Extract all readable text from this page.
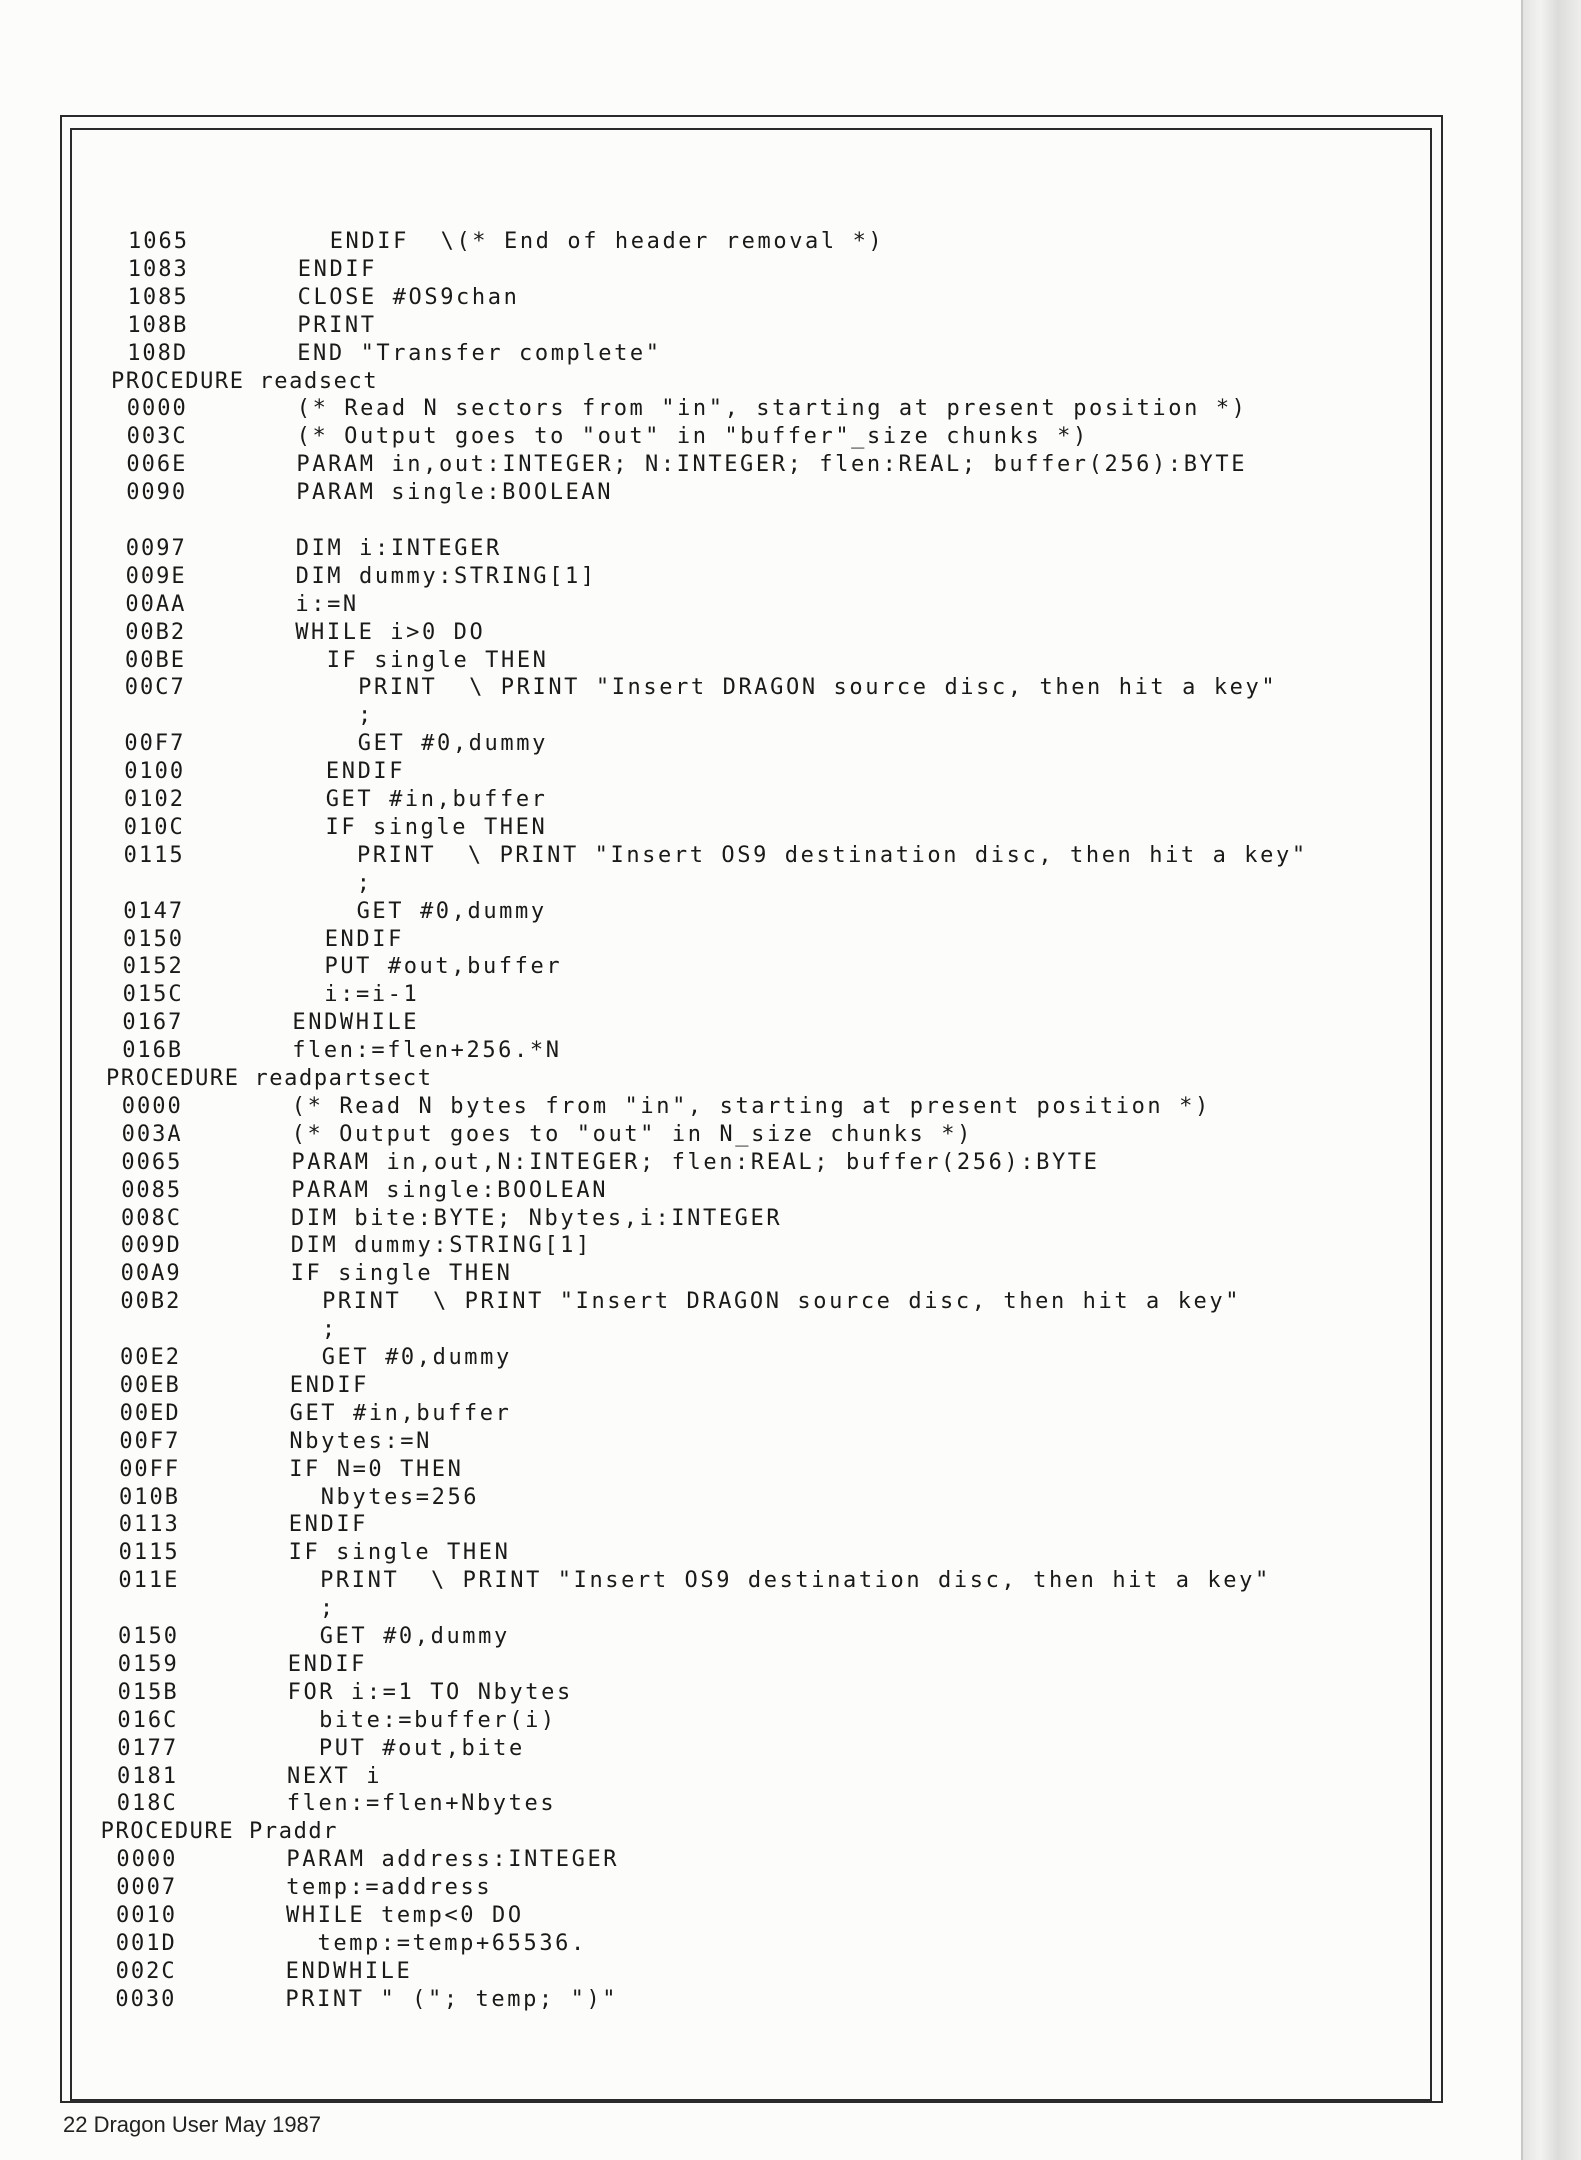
1065	ENDIF  \(* End of header removal *)
1083	ENDIF
1085	CLOSE #OS9chan
108B	PRINT
108D	END "Transfer complete"
PROCEDURE readsect
0000	(* Read N sectors from "in", starting at present position *)
003C	(* Output goes to "out" in "buffer"_size chunks *)
006E	PARAM in,out:INTEGER; N:INTEGER; flen:REAL; buffer(256):BYTE
0090	PARAM single:BOOLEAN
0097	DIM i:INTEGER
009E	DIM dummy:STRING[1]
00AA	i:=N
00B2	WHILE i>0 DO
00BE	IF single THEN
00C7	PRINT  \ PRINT "Insert DRAGON source disc, then hit a key"
;
00F7	GET #0,dummy
0100	ENDIF
0102	GET #in,buffer
010C	IF single THEN
0115	PRINT  \ PRINT "Insert OS9 destination disc, then hit a key"
;
0147	GET #0,dummy
0150	ENDIF
0152	PUT #out,buffer
015C	i:=i-1
0167	ENDWHILE
016B	flen:=flen+256.*N
PROCEDURE readpartsect
0000	(* Read N bytes from "in", starting at present position *)
003A	(* Output goes to "out" in N_size chunks *)
0065	PARAM in,out,N:INTEGER; flen:REAL; buffer(256):BYTE
0085	PARAM single:BOOLEAN
008C	DIM bite:BYTE; Nbytes,i:INTEGER
009D	DIM dummy:STRING[1]
00A9	IF single THEN
00B2	PRINT  \ PRINT "Insert DRAGON source disc, then hit a key"
;
00E2	GET #0,dummy
00EB	ENDIF
00ED	GET #in,buffer
00F7	Nbytes:=N
00FF	IF N=0 THEN
010B	Nbytes=256
0113	ENDIF
0115	IF single THEN
011E	PRINT  \ PRINT "Insert OS9 destination disc, then hit a key"
;
0150	GET #0,dummy
0159	ENDIF
015B	FOR i:=1 TO Nbytes
016C	bite:=buffer(i)
0177	PUT #out,bite
0181	NEXT i
018C	flen:=flen+Nbytes
PROCEDURE Praddr
0000	PARAM address:INTEGER
0007	temp:=address
0010	WHILE temp<0 DO
001D	temp:=temp+65536.
002C	ENDWHILE
0030	PRINT " ("; temp; ")"
22 Dragon User May 1987
